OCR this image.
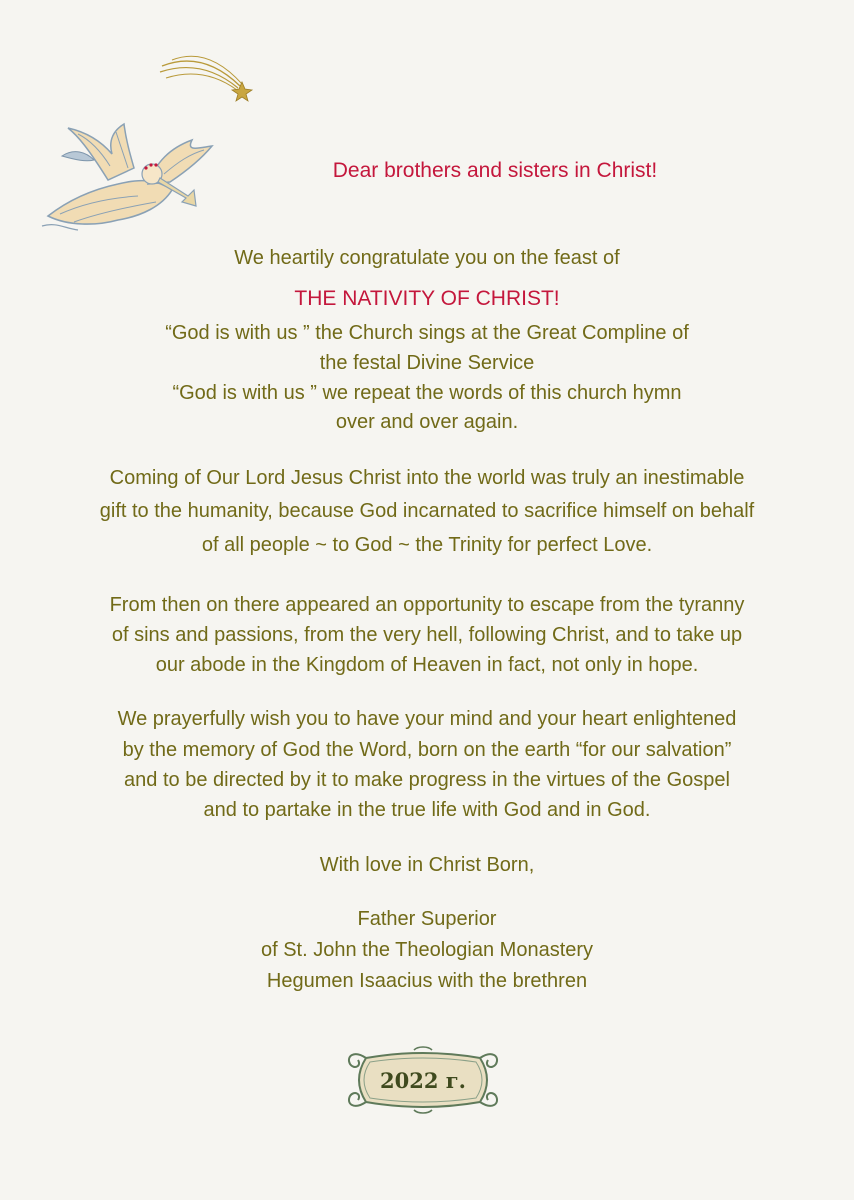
Dear brothers and sisters in Christ!
We heartily congratulate you on the feast of
THE NATIVITY OF CHRIST!
“God is with us ” the Church sings at the Great Compline of
the festal Divine Service
“God is with us ” we repeat the words of this church hymn
over and over again.
Coming of Our Lord Jesus Christ into the world was truly an inestimable
gift to the humanity, because God incarnated to sacrifice himself on behalf
of all people ~ to God ~ the Trinity for perfect Love.
From then on there appeared an opportunity to escape from the tyranny
of sins and passions, from the very hell, following Christ, and to take up
our abode in the Kingdom of Heaven in fact, not only in hope.
We prayerfully wish you to have your mind and your heart enlightened
by the memory of God the Word, born on the earth “for our salvation”
and to be directed by it to make progress in the virtues of the Gospel
and to partake in the true life with God and in God.
With love in Christ Born,
Father Superior
of St. John the Theologian Monastery
Hegumen Isaacius with the brethren
2022 г.
